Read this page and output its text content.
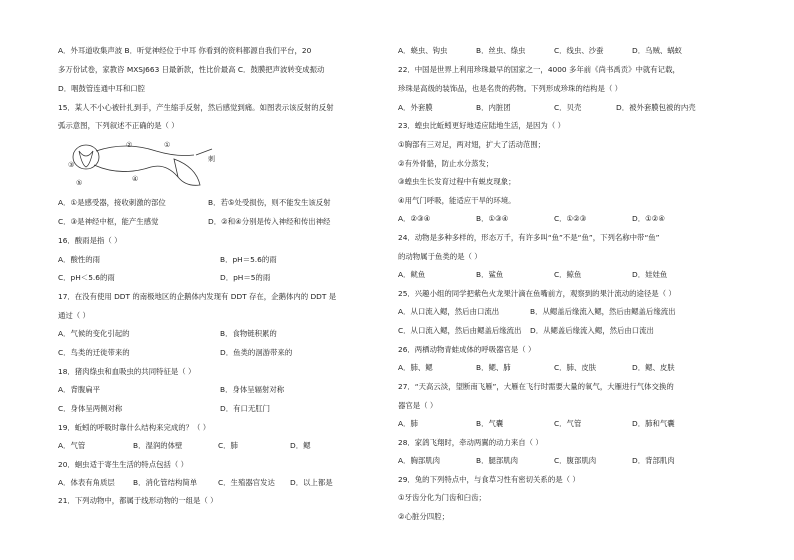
A．外耳道收集声波 B．听觉神经位于中耳 你看到的资料都源自我们平台，20
多万份试卷，家教咨 MXSJ663 日最新款，性比价最高 C．鼓膜把声波转变成振动
D．咽鼓管连通中耳和口腔
15．某人不小心被针扎到手，产生缩手反射，然后感觉到痛。如图表示该反射的反射
弧示意图，下列叙述不正确的是（ ）
刺
①
②
③
④
⑤
A．①是感受器，接收刺激的部位	B．若⑤处受损伤，则不能发生该反射
C．③是神经中枢，能产生感觉	D．②和④分别是传入神经和传出神经
16．酸雨是指（ ）
A．酸性的雨	B．pH＝5.6的雨
C．pH＜5.6的雨	D．pH＝5的雨
17．在没有使用 DDT 的南极地区的企鹅体内发现有 DDT 存在，企鹅体内的 DDT 是
通过（ ）
A．气候的变化引起的	B．食物链积累的
C．鸟类的迁徙带来的	D．鱼类的洄游带来的
18．猪肉绦虫和血吸虫的共同特征是（ ）
A．背腹扁平	B．身体呈辐射对称
C．身体呈两侧对称	D．有口无肛门
19．蚯蚓的呼吸时靠什么结构来完成的？（ ）
A．气管	B．湿润的体壁	C．肺	D．鳃
20．蛔虫适于寄生生活的特点包括（ ）
A．体表有角质层 B．消化管结构简单	C．生殖器官发达 D．以上都是
21．下列动物中，都属于线形动物的一组是（ ）
A．蛲虫、钩虫	B．丝虫、绦虫	C．线虫、沙蚕	D．乌贼、蜗蚁
22．中国是世界上利用珍珠最早的国家之一，4000 多年前《尚书禹贡》中就有记载，
珍珠是高级的装饰品，也是名贵的药物。下列形成珍珠的结构是（ ）
A．外套膜	B．内脏团	C．贝壳	D．被外套膜包被的内壳
23．蝗虫比蚯蚓更好地适应陆地生活，是因为（ ）
①胸部有三对足，两对翅，扩大了活动范围；
②有外骨骼，防止水分蒸发；
③蝗虫生长发育过程中有蜕皮现象；
④用气门呼吸，能适应干旱的环境。
A．②③④	B．①③④	C．①②③	D．①②④
24．动物是多种多样的，形态万千，有许多叫“鱼”不是“鱼”，下列名称中带“鱼”
的动物属于鱼类的是（ ）
A．鱿鱼	B．鲨鱼	C．鲸鱼	D．娃娃鱼
25．兴趣小组的同学把紫色火龙果汁滴在鱼嘴前方，观察到的果汁流动的途径是（ ）
A．从口流入鳃，然后由口流出	B．从鳃盖后缘流入鳃，然后由鳃盖后缘流出
C．从口流入鳃，然后由鳃盖后缘流出 D．从鳃盖后缘流入鳃，然后由口流出
26．两栖动物青蛙成体的呼吸器官是（ ）
A．肺、鳃	B．鳃、肺	C．肺、皮肤	D．鳃、皮肤
27．“天高云淡，望断南飞雁”，大雁在飞行时需要大量的氧气，大雁进行气体交换的
器官是（ ）
A．肺	B．气囊	C．气管	D．肺和气囊
28．家鸽飞翔时，牵动两翼的动力来自（ ）
A．胸部肌肉	B．腿部肌肉	C．腹部肌肉	D．背部肌肉
29．兔的下列特点中，与食草习性有密切关系的是（ ）
①牙齿分化为门齿和臼齿；
②心脏分四腔；
